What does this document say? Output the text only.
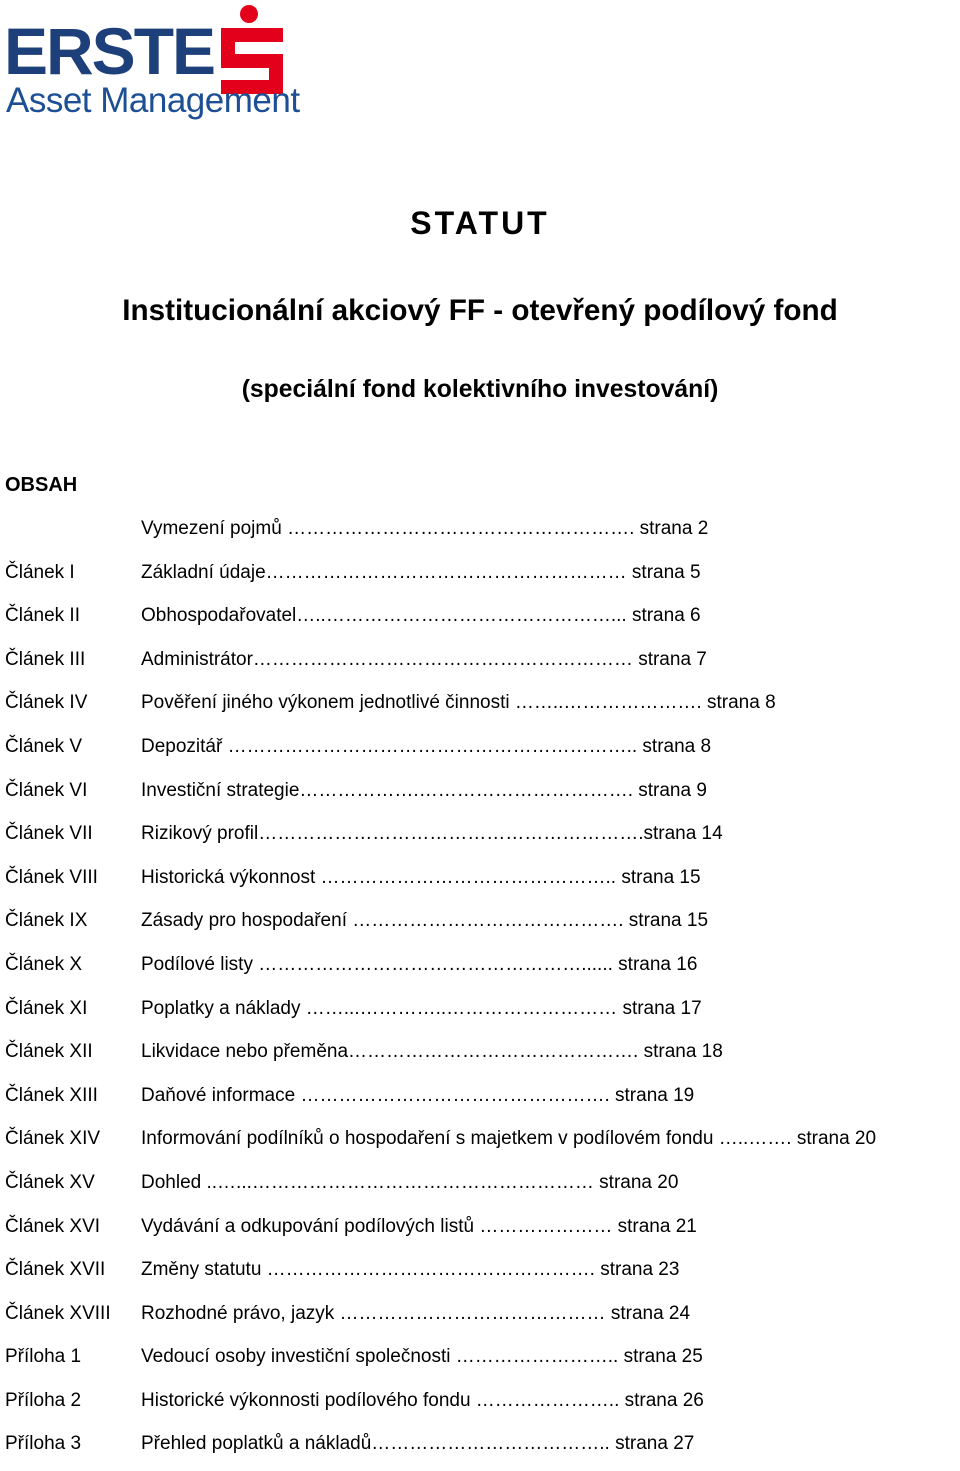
ERSTE
Asset Management
STATUT
Institucionální akciový FF - otevřený podílový fond
(speciální fond kolektivního investování)
OBSAH
Vymezení pojmů ………………………………………………. strana 2
Článek I	Základní údaje………………………………………………… strana 5
Článek II	Obhospodařovatel…..………………………………………... strana 6
Článek III	Administrátor…………………………………………………… strana 7
Článek IV	Pověření jiného výkonem jednotlivé činnosti ……..…………………. strana 8
Článek V	Depozitář ……………………………………………………….. strana 8
Článek VI	Investiční strategie……………….……………………………. strana 9
Článek VII	Rizikový profil…………………………………………………….strana 14
Článek VIII Historická výkonnost ……………………………………….. strana 15
Článek IX	Zásady pro hospodaření ……………………………………. strana 15
Článek X	Podílové listy ……………………………………………...... strana 16
Článek XI	Poplatky a náklady ……...…………..……………………… strana 17
Článek XII	Likvidace nebo přeměna………………………………………. strana 18
Článek XIII Daňové informace …………………………………………. strana 19
Článek XIV Informování podílníků o hospodaření s majetkem v podílovém fondu …..……. strana 20
Článek XV Dohled ..…...……………………………………………… strana 20
Článek XVI Vydávání a odkupování podílových listů ………………… strana 21
Článek XVII Změny statutu ……………………………………………. strana 23
Článek XVIII Rozhodné právo, jazyk …………………………………… strana 24
Příloha 1	Vedoucí osoby investiční společnosti …………………….. strana 25
Příloha 2	Historické výkonnosti podílového fondu ………………….. strana 26
Příloha 3	Přehled poplatků a nákladů……………………………….. strana 27
